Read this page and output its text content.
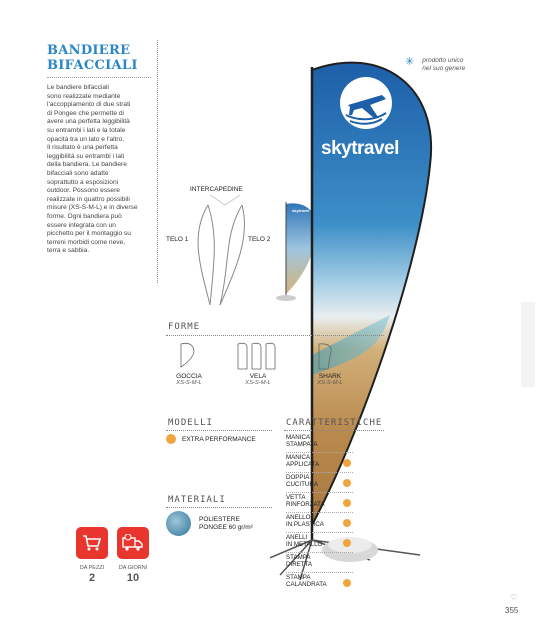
BANDIERE
BIFACCIALI
Le bandiere bifacciali
sono realizzate mediante
l'accoppiamento di due strati
di Pongee che permette di
avere una perfetta leggibilità
su entrambi i lati e la totale
opacità tra un lato e l'altro.
Il risultato è una perfetta
leggibilità su entrambi i lati
della bandiera. Le bandiere
bifacciali sono adatte
soprattutto a esposizioni
outdoor. Possono essere
realizzate in quattro possibili
misure (XS-S-M-L) e in diverse
forme. Ogni bandiera può
essere integrata con un
picchetto per il montaggio su
terreni morbidi come neve,
terra e sabbia.
INTERCAPEDINE
TELO 1	TELO 2
skytravel
✳ prodotto unico
nel suo genere
skytravel
FORME
GOCCIA
XS-S-M-L
VELA
XS-S-M-L
SHARK
XS-S-M-L
MODELLI
EXTRA PERFORMANCE
CARATTERISTICHE
MANICA
STAMPATA
MANICA
APPLICATA
DOPPIA
CUCITURA
VETTA
RINFORZATA
ANELLO
IN PLASTICA
ANELLI
IN METALLO
STAMPA
DIRETTA
STAMPA
CALANDRATA
MATERIALI
POLIESTERE
PONGEE 60 gr/m²
DA PEZZI
2
DA GIORNI
10
♡
355
